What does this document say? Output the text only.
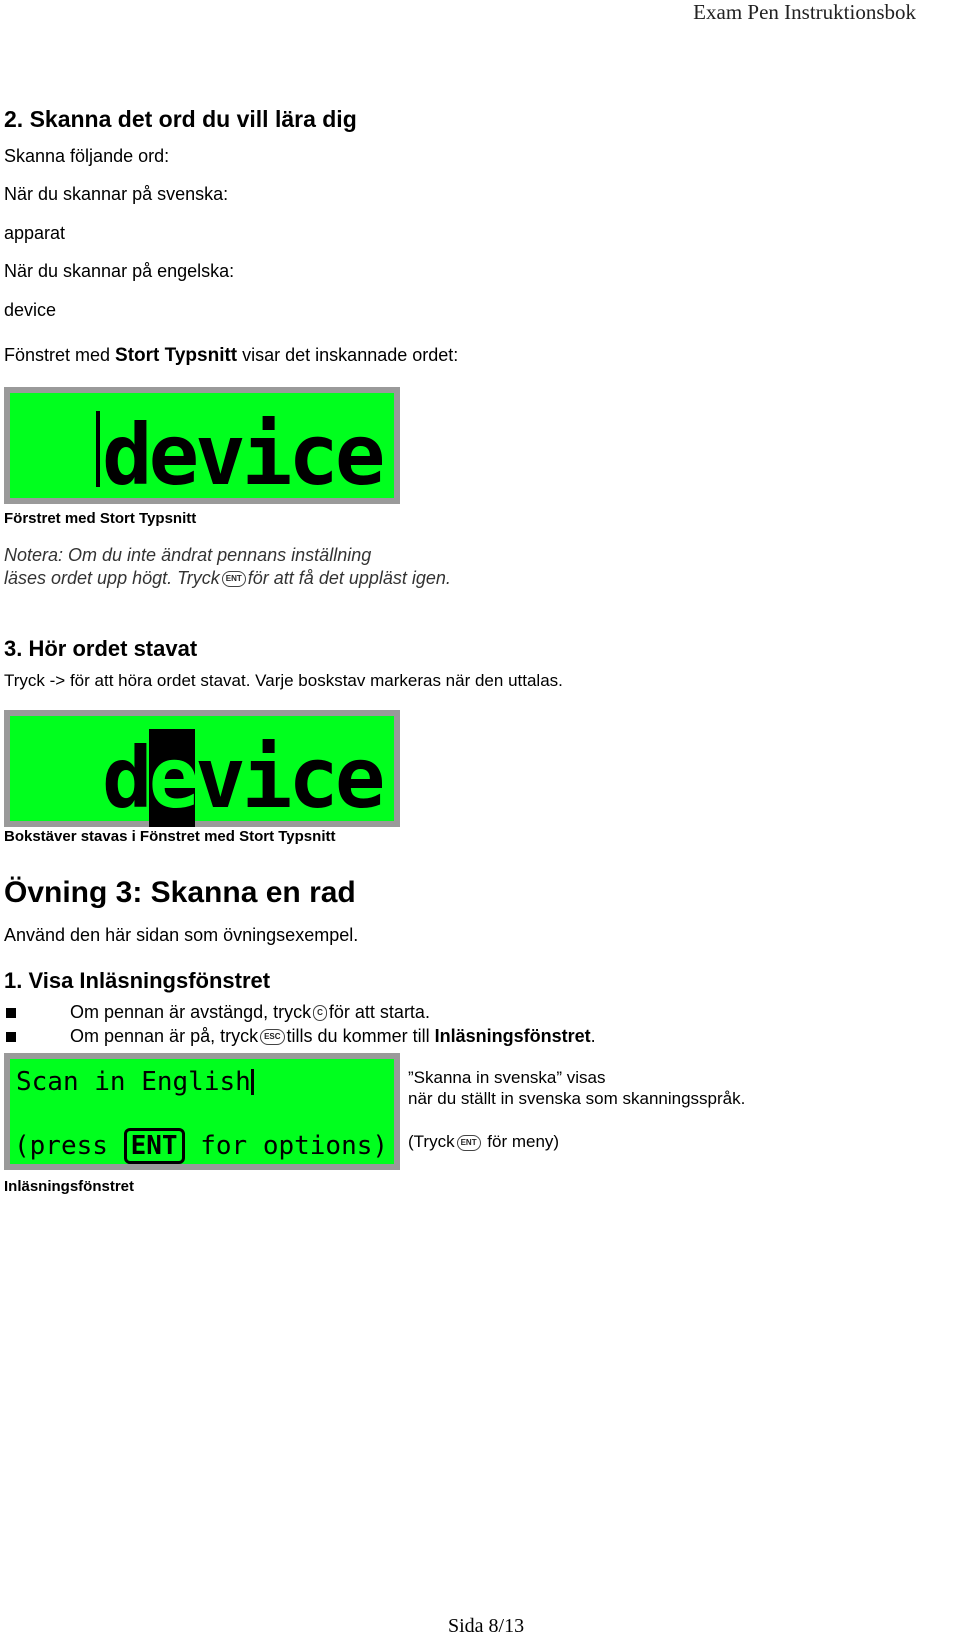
Exam Pen Instruktionsbok
2. Skanna det ord du vill lära dig
Skanna följande ord:
När du skannar på svenska:
apparat
När du skannar på engelska:
device
Fönstret med Stort Typsnitt visar det inskannade ordet:
device
Förstret med Stort Typsnitt
Notera: Om du inte ändrat pennans inställning
läses ordet upp högt. Tryck ENT för att få det uppläst igen.
3. Hör ordet stavat
Tryck -> för att höra ordet stavat. Varje boskstav markeras när den uttalas.
device
Bokstäver stavas i Fönstret med Stort Typsnitt
Övning 3: Skanna en rad
Använd den här sidan som övningsexempel.
1. Visa Inläsningsfönstret
Om pennan är avstängd, tryck C för att starta.
Om pennan är på, tryck ESC tills du kommer till Inläsningsfönstret.
Scan in English
(press ENT for options)
”Skanna in svenska” visas
när du ställt in svenska som skanningsspråk.
(Tryck ENT för meny)
Inläsningsfönstret
Sida 8/13
